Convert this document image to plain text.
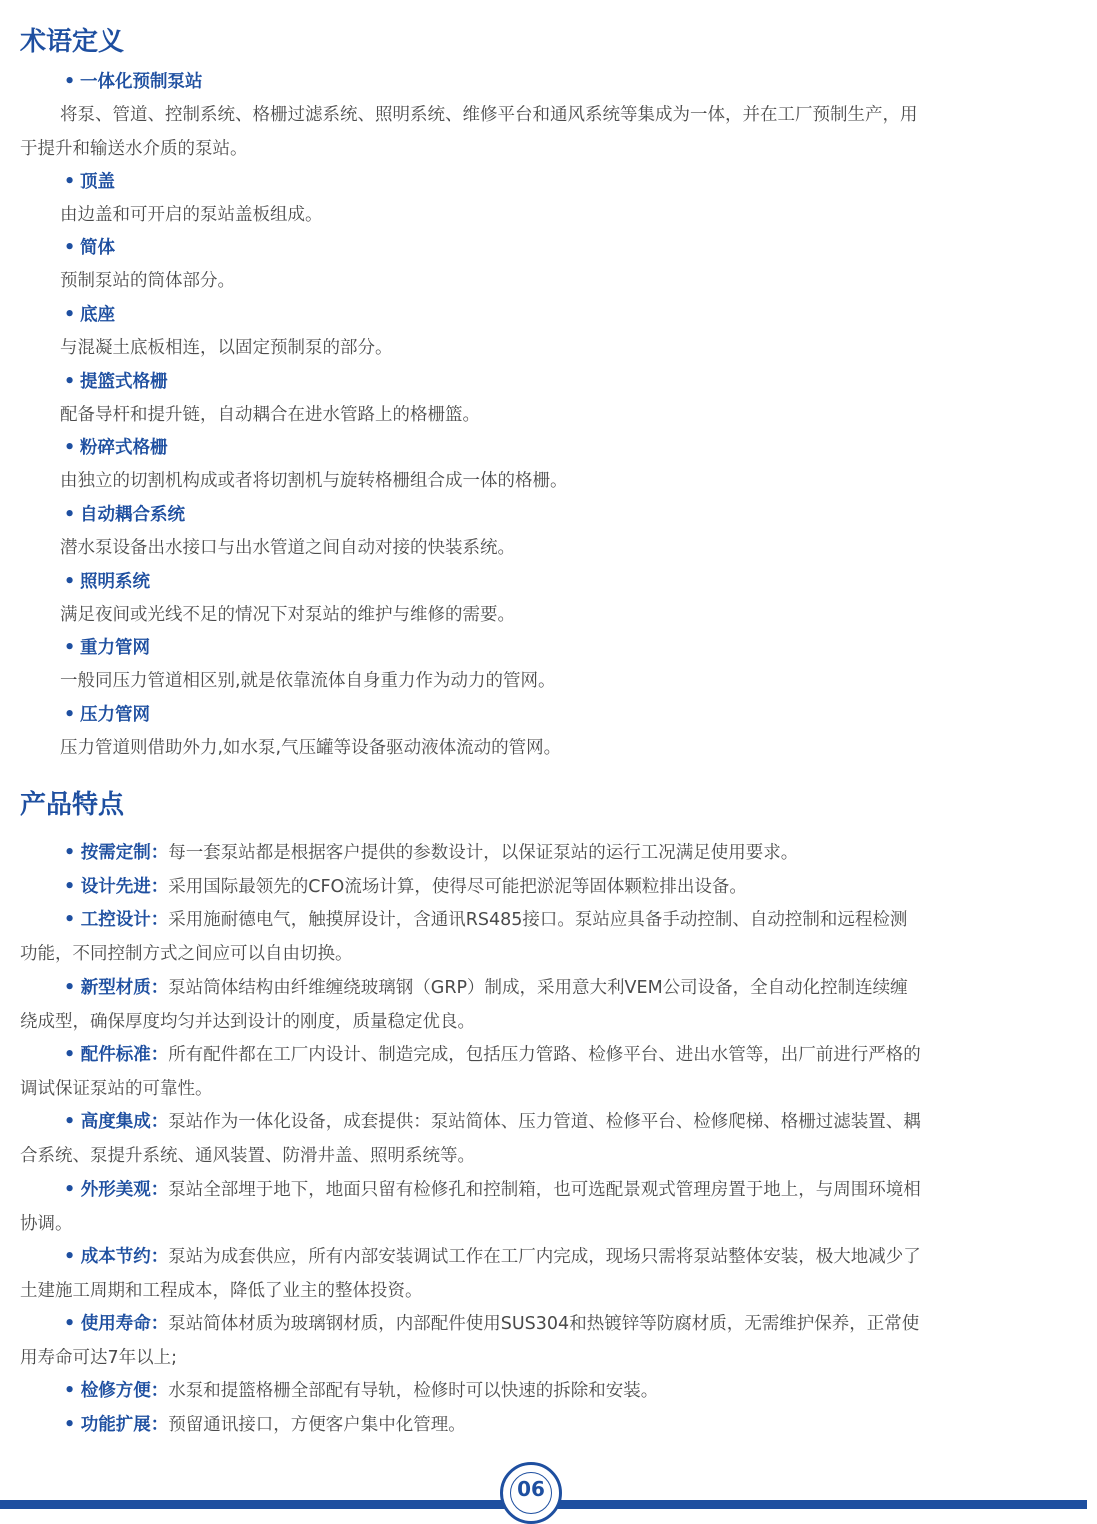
术语定义
• 一体化预制泵站
将泵、管道、控制系统、格栅过滤系统、照明系统、维修平台和通风系统等集成为一体，并在工厂预制生产，用
于提升和输送水介质的泵站。
• 顶盖
由边盖和可开启的泵站盖板组成。
• 简体
预制泵站的筒体部分。
• 底座
与混凝土底板相连，以固定预制泵的部分。
• 提篮式格栅
配备导杆和提升链，自动耦合在进水管路上的格栅篮。
• 粉碎式格栅
由独立的切割机构成或者将切割机与旋转格栅组合成一体的格栅。
• 自动耦合系统
潜水泵设备出水接口与出水管道之间自动对接的快装系统。
• 照明系统
满足夜间或光线不足的情况下对泵站的维护与维修的需要。
• 重力管网
一般同压力管道相区别,就是依靠流体自身重力作为动力的管网。
• 压力管网
压力管道则借助外力,如水泵,气压罐等设备驱动液体流动的管网。
产品特点
• 按需定制：每一套泵站都是根据客户提供的参数设计，以保证泵站的运行工况满足使用要求。
• 设计先进：采用国际最领先的CFO流场计算，使得尽可能把淤泥等固体颗粒排出设备。
• 工控设计：采用施耐德电气，触摸屏设计，含通讯RS485接口。泵站应具备手动控制、自动控制和远程检测
功能，不同控制方式之间应可以自由切换。
• 新型材质：泵站筒体结构由纤维缠绕玻璃钢（GRP）制成，采用意大利VEM公司设备，全自动化控制连续缠
绕成型，确保厚度均匀并达到设计的刚度，质量稳定优良。
• 配件标准：所有配件都在工厂内设计、制造完成，包括压力管路、检修平台、进出水管等，出厂前进行严格的
调试保证泵站的可靠性。
• 高度集成：泵站作为一体化设备，成套提供：泵站简体、压力管道、检修平台、检修爬梯、格栅过滤装置、耦
合系统、泵提升系统、通风装置、防滑井盖、照明系统等。
• 外形美观：泵站全部埋于地下，地面只留有检修孔和控制箱，也可选配景观式管理房置于地上，与周围环境相
协调。
• 成本节约：泵站为成套供应，所有内部安装调试工作在工厂内完成，现场只需将泵站整体安装，极大地减少了
土建施工周期和工程成本，降低了业主的整体投资。
• 使用寿命：泵站简体材质为玻璃钢材质，内部配件使用SUS304和热镀锌等防腐材质，无需维护保养，正常使
用寿命可达7年以上;
• 检修方便：水泵和提篮格栅全部配有导轨，检修时可以快速的拆除和安装。
• 功能扩展：预留通讯接口，方便客户集中化管理。
06
